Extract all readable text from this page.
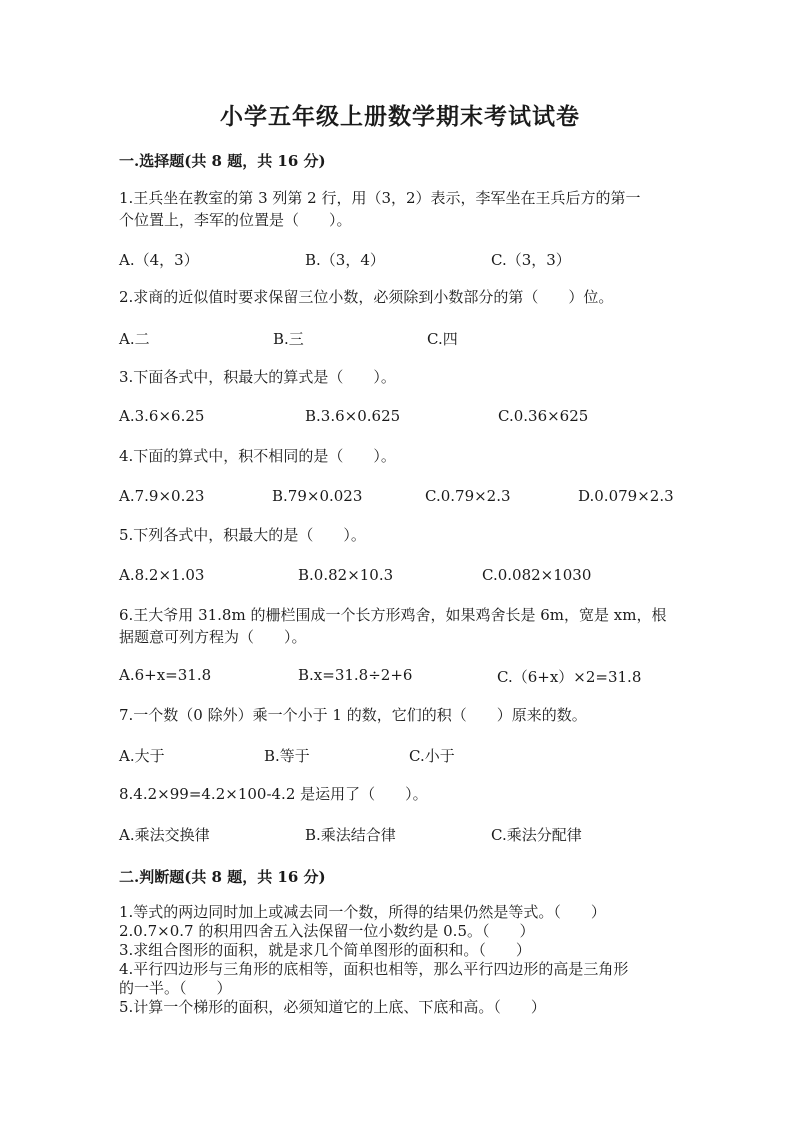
小学五年级上册数学期末考试试卷
一.选择题(共 8 题，共 16 分)
1.王兵坐在教室的第 3 列第 2 行，用（3，2）表示，李军坐在王兵后方的第一
个位置上，李军的位置是（　　）。
A.（4，3）	B.（3，4）	C.（3，3）
2.求商的近似值时要求保留三位小数，必须除到小数部分的第（　　）位。
A.二	B.三	C.四
3.下面各式中，积最大的算式是（　　）。
A.3.6×6.25	B.3.6×0.625	C.0.36×625
4.下面的算式中，积不相同的是（　　）。
A.7.9×0.23	B.79×0.023	C.0.79×2.3	D.0.079×2.3
5.下列各式中，积最大的是（　　）。
A.8.2×1.03	B.0.82×10.3	C.0.082×1030
6.王大爷用 31.8m 的栅栏围成一个长方形鸡舍，如果鸡舍长是 6m，宽是 xm，根
据题意可列方程为（　　）。
A.6+x=31.8	B.x=31.8÷2+6	C.（6+x）×2=31.8
7.一个数（0 除外）乘一个小于 1 的数，它们的积（　　）原来的数。
A.大于	B.等于	C.小于
8.4.2×99=4.2×100-4.2 是运用了（　　）。
A.乘法交换律	B.乘法结合律	C.乘法分配律
二.判断题(共 8 题，共 16 分)
1.等式的两边同时加上或减去同一个数，所得的结果仍然是等式。（　　）
2.0.7×0.7 的积用四舍五入法保留一位小数约是 0.5。（　　）
3.求组合图形的面积，就是求几个简单图形的面积和。（　　）
4.平行四边形与三角形的底相等，面积也相等，那么平行四边形的高是三角形
的一半。（　　）
5.计算一个梯形的面积，必须知道它的上底、下底和高。（　　）
